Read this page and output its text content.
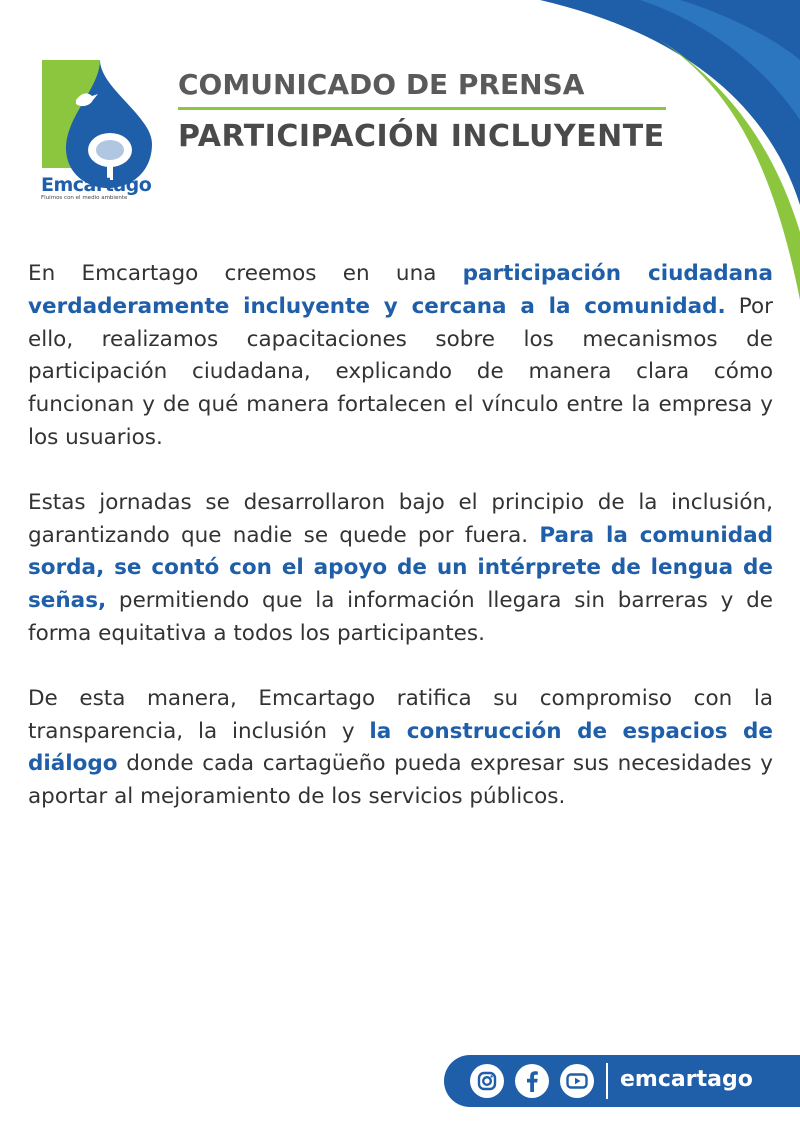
Emcartago
Fluimos con el medio ambiente
COMUNICADO DE PRENSA
PARTICIPACIÓN INCLUYENTE

En Emcartago creemos en una participación ciudadana verdaderamente incluyente y cercana a la comunidad. Por ello, realizamos capacitaciones sobre los mecanismos de participación ciudadana, explicando de manera clara cómo funcionan y de qué manera fortalecen el vínculo entre la empresa y los usuarios.

Estas jornadas se desarrollaron bajo el principio de la inclusión, garantizando que nadie se quede por fuera. Para la comunidad sorda, se contó con el apoyo de un intérprete de lengua de señas, permitiendo que la información llegara sin barreras y de forma equitativa a todos los participantes.

De esta manera, Emcartago ratifica su compromiso con la transparencia, la inclusión y la construcción de espacios de diálogo donde cada cartagüeño pueda expresar sus necesidades y aportar al mejoramiento de los servicios públicos.

emcartago
